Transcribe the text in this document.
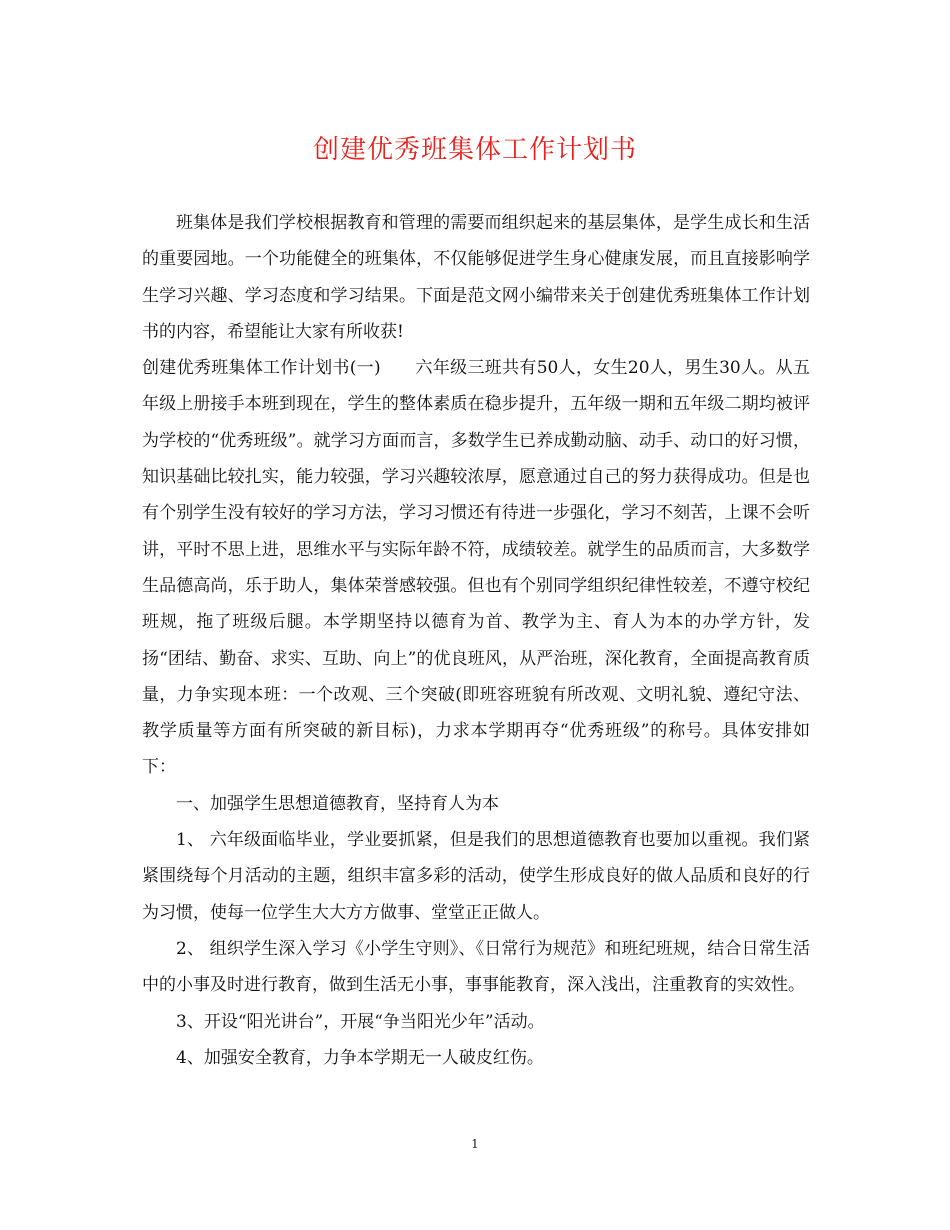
创建优秀班集体工作计划书

班集体是我们学校根据教育和管理的需要而组织起来的基层集体，是学生成长和生活的重要园地。一个功能健全的班集体，不仅能够促进学生身心健康发展，而且直接影响学生学习兴趣、学习态度和学习结果。下面是范文网小编带来关于创建优秀班集体工作计划书的内容，希望能让大家有所收获!

创建优秀班集体工作计划书(一)　　六年级三班共有50人，女生20人，男生30人。从五年级上册接手本班到现在，学生的整体素质在稳步提升，五年级一期和五年级二期均被评为学校的“优秀班级”。就学习方面而言，多数学生已养成勤动脑、动手、动口的好习惯，知识基础比较扎实，能力较强，学习兴趣较浓厚，愿意通过自己的努力获得成功。但是也有个别学生没有较好的学习方法，学习习惯还有待进一步强化，学习不刻苦，上课不会听讲，平时不思上进，思维水平与实际年龄不符，成绩较差。就学生的品质而言，大多数学生品德高尚，乐于助人，集体荣誉感较强。但也有个别同学组织纪律性较差，不遵守校纪班规，拖了班级后腿。本学期坚持以德育为首、教学为主、育人为本的办学方针，发扬“团结、勤奋、求实、互助、向上”的优良班风，从严治班，深化教育，全面提高教育质量，力争实现本班：一个改观、三个突破(即班容班貌有所改观、文明礼貌、遵纪守法、教学质量等方面有所突破的新目标)，力求本学期再夺“优秀班级”的称号。具体安排如下：

一、加强学生思想道德教育，坚持育人为本

1、 六年级面临毕业，学业要抓紧，但是我们的思想道德教育也要加以重视。我们紧紧围绕每个月活动的主题，组织丰富多彩的活动，使学生形成良好的做人品质和良好的行为习惯，使每一位学生大大方方做事、堂堂正正做人。

2、 组织学生深入学习《小学生守则》、《日常行为规范》和班纪班规，结合日常生活中的小事及时进行教育，做到生活无小事，事事能教育，深入浅出，注重教育的实效性。

3、开设“阳光讲台”，开展“争当阳光少年”活动。

4、加强安全教育，力争本学期无一人破皮红伤。

1
